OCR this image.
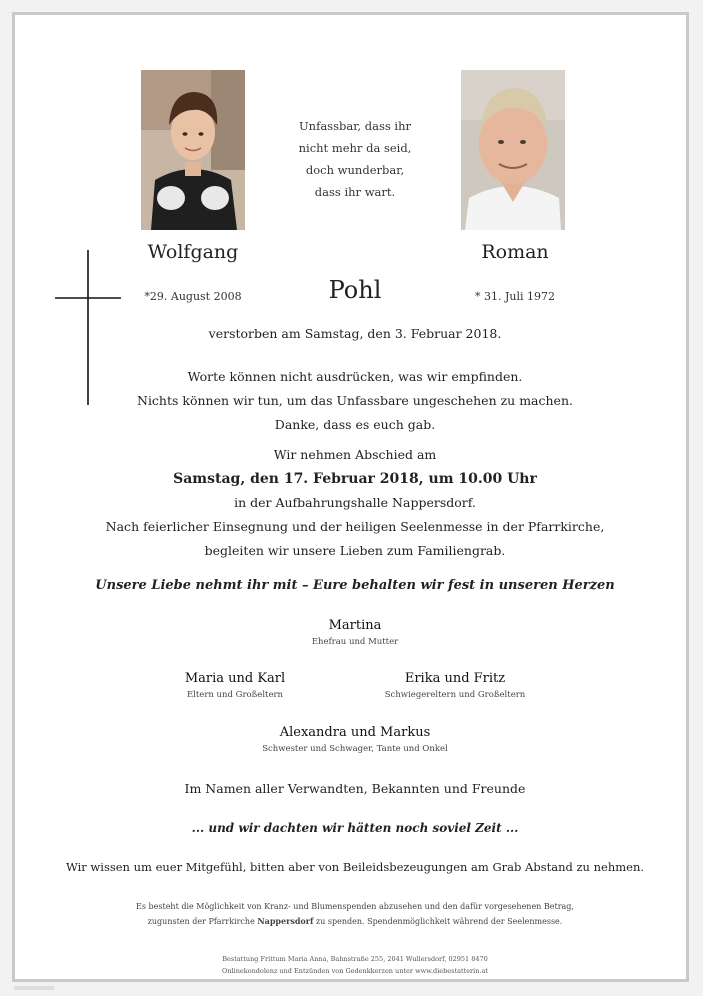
Unfassbar, dass ihr
nicht mehr da seid,
doch wunderbar,
dass ihr wart.
Wolfgang	Roman
Pohl
*29. August 2008	* 31. Juli 1972
verstorben am Samstag, den 3. Februar 2018.
Worte können nicht ausdrücken, was wir empfinden.
Nichts können wir tun, um das Unfassbare ungeschehen zu machen.
Danke, dass es euch gab.
Wir nehmen Abschied am
Samstag, den 17. Februar 2018, um 10.00 Uhr
in der Aufbahrungshalle Nappersdorf.
Nach feierlicher Einsegnung und der heiligen Seelenmesse in der Pfarrkirche,
begleiten wir unsere Lieben zum Familiengrab.
Unsere Liebe nehmt ihr mit – Eure behalten wir fest in unseren Herzen
Martina
Ehefrau und Mutter
Maria und Karl
Eltern und Großeltern
Erika und Fritz
Schwiegereltern und Großeltern
Alexandra und Markus
Schwester und Schwager, Tante und Onkel
Im Namen aller Verwandten, Bekannten und Freunde
... und wir dachten wir hätten noch soviel Zeit ...
Wir wissen um euer Mitgefühl, bitten aber von Beileidsbezeugungen am Grab Abstand zu nehmen.
Es besteht die Möglichkeit von Kranz- und Blumenspenden abzusehen und den dafür vorgesehenen Betrag,
zugunsten der Pfarrkirche Nappersdorf zu spenden. Spendenmöglichkeit während der Seelenmesse.
Bestattung Frittum Maria Anna, Bahnstraße 255, 2041 Wullersdorf, 02951 8470
Onlinekondolenz und Entzünden von Gedenkkerzen unter www.diebestatterin.at
